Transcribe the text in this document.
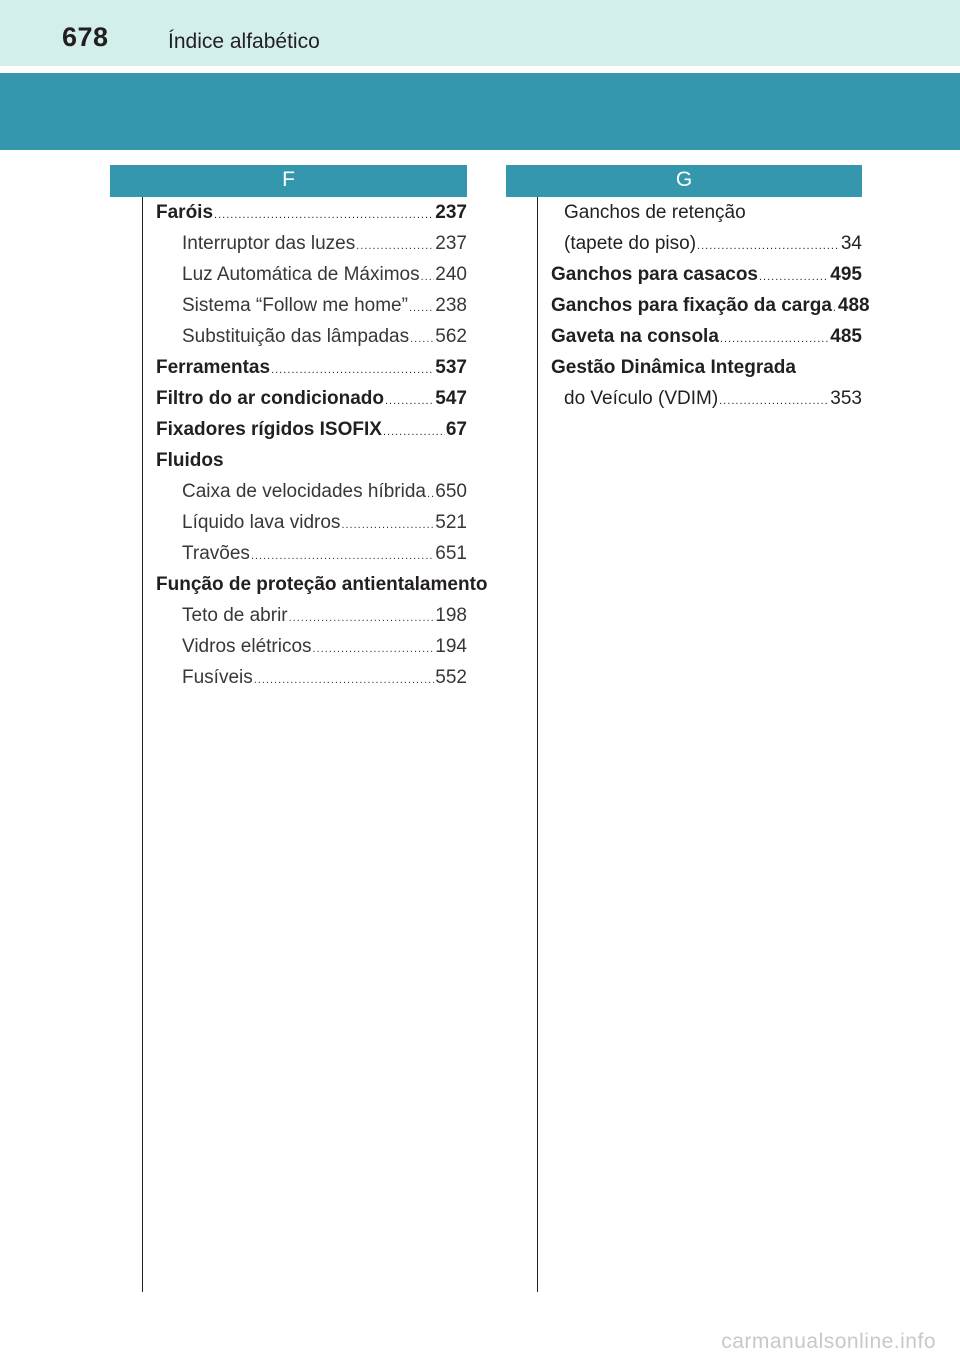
678	Índice alfabético
F	G
Faróis .....	237
Interruptor das luzes .....	237
Luz Automática de Máximos ..... 240
Sistema “Follow me home” ..... 238
Substituição das lâmpadas ..... 562
Ferramentas .....	537
Filtro do ar condicionado .....	547
Fixadores rígidos ISOFIX .....	67
Fluidos
Caixa de velocidades híbrida ..... 650
Líquido lava vidros .....	521
Travões .....	651
Função de proteção antientalamento
Teto de abrir .....	198
Vidros elétricos .....	194
Fusíveis .....	552
Ganchos de retenção
(tapete do piso) .....	34
Ganchos para casacos .....	495
Ganchos para fixação da carga ..... 488
Gaveta na consola .....	485
Gestão Dinâmica Integrada
do Veículo (VDIM) .....	353
carmanualsonline.info
